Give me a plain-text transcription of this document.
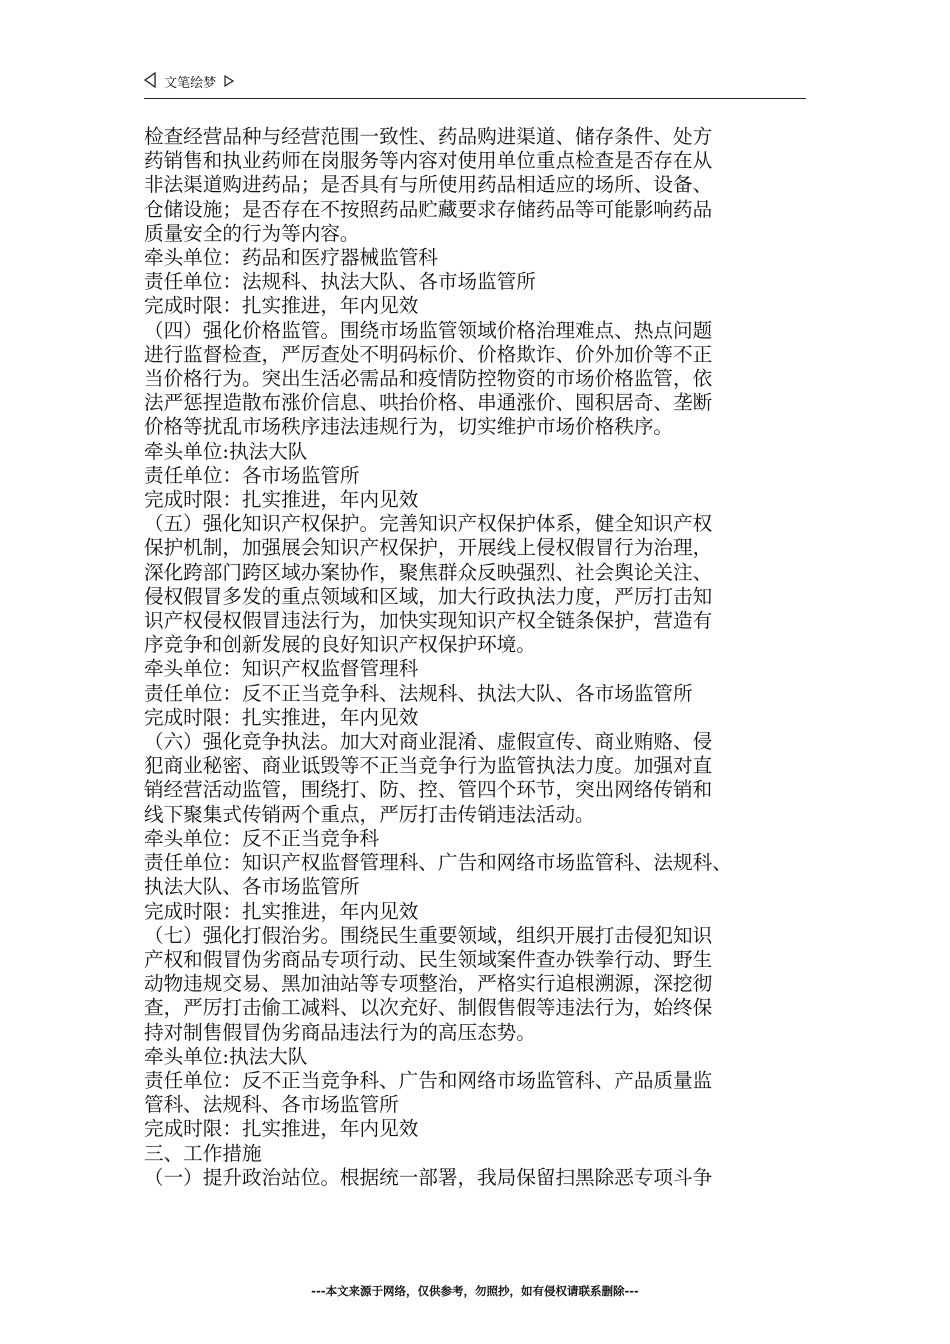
文笔绘梦

检查经营品种与经营范围一致性、药品购进渠道、储存条件、处方

药销售和执业药师在岗服务等内容对使用单位重点检查是否存在从

非法渠道购进药品；是否具有与所使用药品相适应的场所、设备、

仓储设施；是否存在不按照药品贮藏要求存储药品等可能影响药品

质量安全的行为等内容。

牵头单位：药品和医疗器械监管科

责任单位：法规科、执法大队、各市场监管所

完成时限：扎实推进，年内见效

（四）强化价格监管。围绕市场监管领域价格治理难点、热点问题

进行监督检查，严厉查处不明码标价、价格欺诈、价外加价等不正

当价格行为。突出生活必需品和疫情防控物资的市场价格监管，依

法严惩捏造散布涨价信息、哄抬价格、串通涨价、囤积居奇、垄断

价格等扰乱市场秩序违法违规行为，切实维护市场价格秩序。

牵头单位:执法大队

责任单位：各市场监管所

完成时限：扎实推进，年内见效

（五）强化知识产权保护。完善知识产权保护体系，健全知识产权

保护机制，加强展会知识产权保护，开展线上侵权假冒行为治理，

深化跨部门跨区域办案协作，聚焦群众反映强烈、社会舆论关注、

侵权假冒多发的重点领域和区域，加大行政执法力度，严厉打击知

识产权侵权假冒违法行为，加快实现知识产权全链条保护，营造有

序竞争和创新发展的良好知识产权保护环境。

牵头单位：知识产权监督管理科

责任单位：反不正当竞争科、法规科、执法大队、各市场监管所

完成时限：扎实推进，年内见效

（六）强化竞争执法。加大对商业混淆、虚假宣传、商业贿赂、侵

犯商业秘密、商业诋毁等不正当竞争行为监管执法力度。加强对直

销经营活动监管，围绕打、防、控、管四个环节，突出网络传销和

线下聚集式传销两个重点，严厉打击传销违法活动。

牵头单位：反不正当竞争科

责任单位：知识产权监督管理科、广告和网络市场监管科、法规科、

执法大队、各市场监管所

完成时限：扎实推进，年内见效

（七）强化打假治劣。围绕民生重要领域，组织开展打击侵犯知识

产权和假冒伪劣商品专项行动、民生领域案件查办铁拳行动、野生

动物违规交易、黑加油站等专项整治，严格实行追根溯源，深挖彻

查，严厉打击偷工减料、以次充好、制假售假等违法行为，始终保

持对制售假冒伪劣商品违法行为的高压态势。

牵头单位:执法大队

责任单位：反不正当竞争科、广告和网络市场监管科、产品质量监

管科、法规科、各市场监管所

完成时限：扎实推进，年内见效

三、工作措施

（一）提升政治站位。根据统一部署，我局保留扫黑除恶专项斗争

---本文来源于网络，仅供参考，勿照抄，如有侵权请联系删除---
